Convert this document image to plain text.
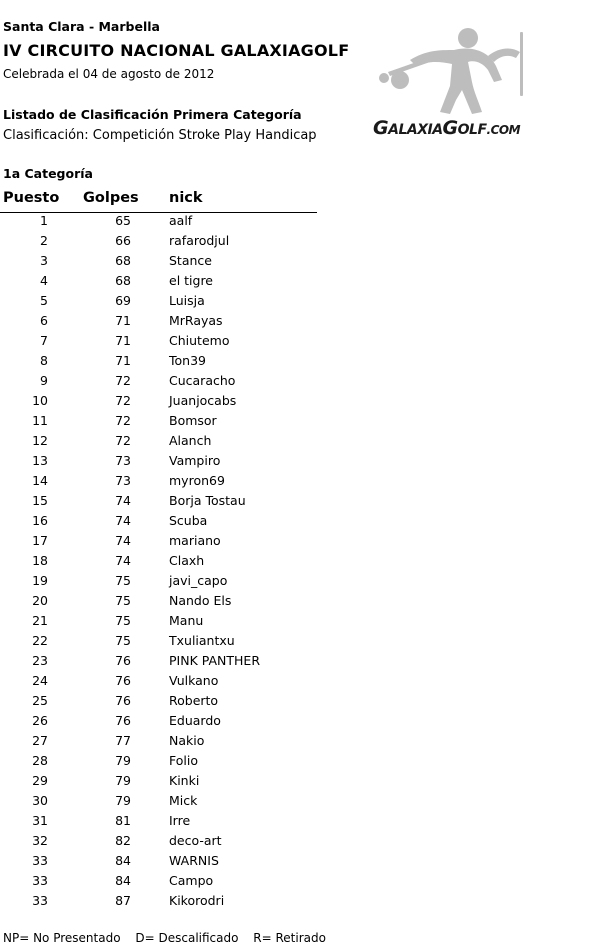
Santa Clara - Marbella
IV CIRCUITO NACIONAL GALAXIAGOLF
Celebrada el 04 de agosto de 2012
Listado de Clasificación Primera Categoría
Clasificación: Competición Stroke Play Handicap	GALAXIAGOLF.COM
1a Categoría
Puesto Golpes nick
1	65	aalf
2	66	rafarodjul
3	68	Stance
4	68	el tigre
5	69	Luisja
6	71	MrRayas
7	71	Chiutemo
8	71	Ton39
9	72	Cucaracho
10	72	Juanjocabs
11	72	Bomsor
12	72	Alanch
13	73	Vampiro
14	73	myron69
15	74	Borja Tostau
16	74	Scuba
17	74	mariano
18	74	Claxh
19	75	javi_capo
20	75	Nando Els
21	75	Manu
22	75	Txuliantxu
23	76	PINK PANTHER
24	76	Vulkano
25	76	Roberto
26	76	Eduardo
27	77	Nakio
28	79	Folio
29	79	Kinki
30	79	Mick
31	81	Irre
32	82	deco-art
33	84	WARNIS
33	84	Campo
33	87	Kikorodri
NP= No Presentado D= Descalificado R= Retirado
